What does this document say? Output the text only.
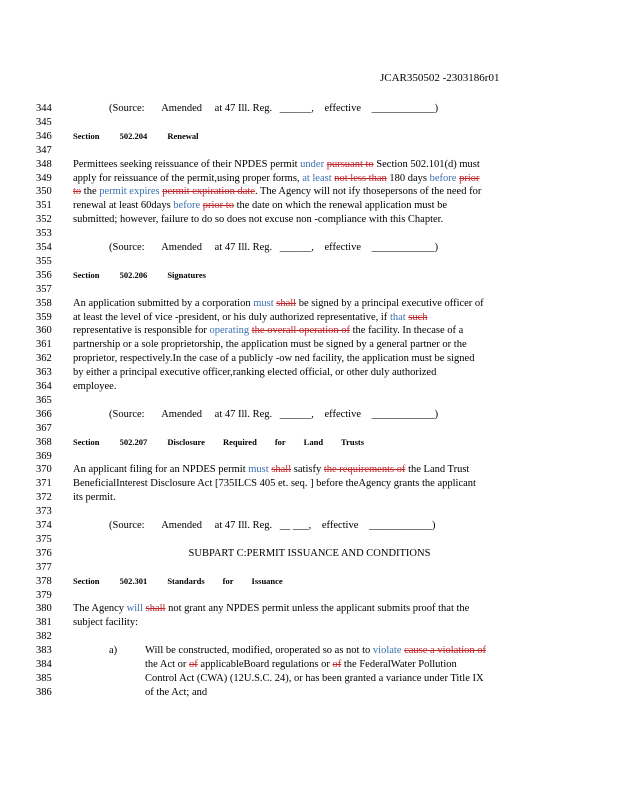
JCAR350502 -2303186r01
344	(Source: Amended at 47 Ill. Reg. ______, effective ____________)
345
346	Section 502.204 Renewal
347
348	Permittees seeking reissuance of their NPDES permit under pursuant to Section 502.101(d) must
349	apply for reissuance of the permit,using proper forms, at least not less than 180 days before prior
350	to the permit expires permit expiration date. The Agency will not ify thosepersons of the need for
351	renewal at least 60days before prior to the date on which the renewal application must be
352	submitted; however, failure to do so does not excuse non -compliance with this Chapter.
353
354	(Source: Amended at 47 Ill. Reg. ______, effective ____________)
355
356	Section 502.206 Signatures
357
358	An application submitted by a corporation must shall be signed by a principal executive officer of
359	at least the level of vice -president, or his duly authorized representative, if that such
360	representative is responsible for operating the overall operation of the facility. In thecase of a
361	partnership or a sole proprietorship, the application must be signed by a general partner or the
362	proprietor, respectively.In the case of a publicly -ow ned facility, the application must be signed
363	by either a principal executive officer,ranking elected official, or other duly authorized
364	employee.
365
366	(Source: Amended at 47 Ill. Reg. ______, effective ____________)
367
368	Section 502.207 Disclosure Required for Land Trusts
369
370	An applicant filing for an NPDES permit must shall satisfy the requirements of the Land Trust
371	BeneficialInterest Disclosure Act [735ILCS 405 et. seq. ] before theAgency grants the applicant
372	its permit.
373
374	(Source: Amended at 47 Ill. Reg. __ ___, effective ____________)
375
376	SUBPART C:PERMIT ISSUANCE AND CONDITIONS
377
378	Section 502.301 Standards for Issuance
379
380	The Agency will shall not grant any NPDES permit unless the applicant submits proof that the
381	subject facility:
382
383	a)	Will be constructed, modified, oroperated so as not to violate cause a violation of
384	the Act or of applicableBoard regulations or of the FederalWater Pollution
385	Control Act (CWA) (12U.S.C. 24), or has been granted a variance under Title IX
386	of the Act; and
